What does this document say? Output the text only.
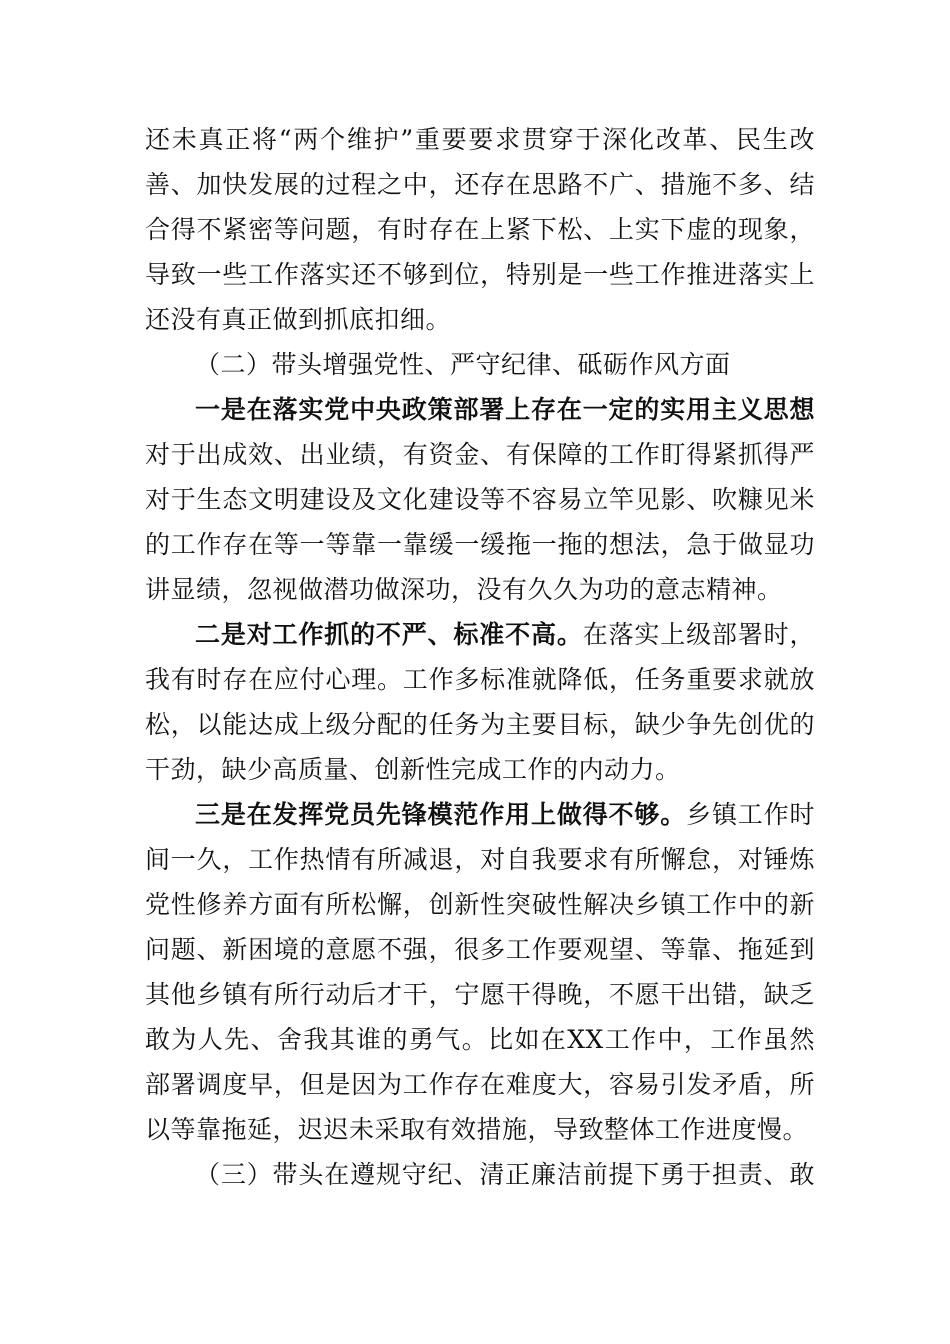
还未真正将“两个维护”重要要求贯穿于深化改革、民生改
善、加快发展的过程之中，还存在思路不广、措施不多、结
合得不紧密等问题，有时存在上紧下松、上实下虚的现象，
导致一些工作落实还不够到位，特别是一些工作推进落实上
还没有真正做到抓底扣细。
（二）带头增强党性、严守纪律、砥砺作风方面
一是在落实党中央政策部署上存在一定的实用主义思想
对于出成效、出业绩，有资金、有保障的工作盯得紧抓得严
对于生态文明建设及文化建设等不容易立竿见影、吹糠见米
的工作存在等一等靠一靠缓一缓拖一拖的想法，急于做显功
讲显绩，忽视做潜功做深功，没有久久为功的意志精神。
二是对工作抓的不严、标准不高。在落实上级部署时，
我有时存在应付心理。工作多标准就降低，任务重要求就放
松，以能达成上级分配的任务为主要目标，缺少争先创优的
干劲，缺少高质量、创新性完成工作的内动力。
三是在发挥党员先锋模范作用上做得不够。乡镇工作时
间一久，工作热情有所减退，对自我要求有所懈怠，对锤炼
党性修养方面有所松懈，创新性突破性解决乡镇工作中的新
问题、新困境的意愿不强，很多工作要观望、等靠、拖延到
其他乡镇有所行动后才干，宁愿干得晚，不愿干出错，缺乏
敢为人先、舍我其谁的勇气。比如在XX工作中，工作虽然
部署调度早，但是因为工作存在难度大，容易引发矛盾，所
以等靠拖延，迟迟未采取有效措施，导致整体工作进度慢。
（三）带头在遵规守纪、清正廉洁前提下勇于担责、敢
